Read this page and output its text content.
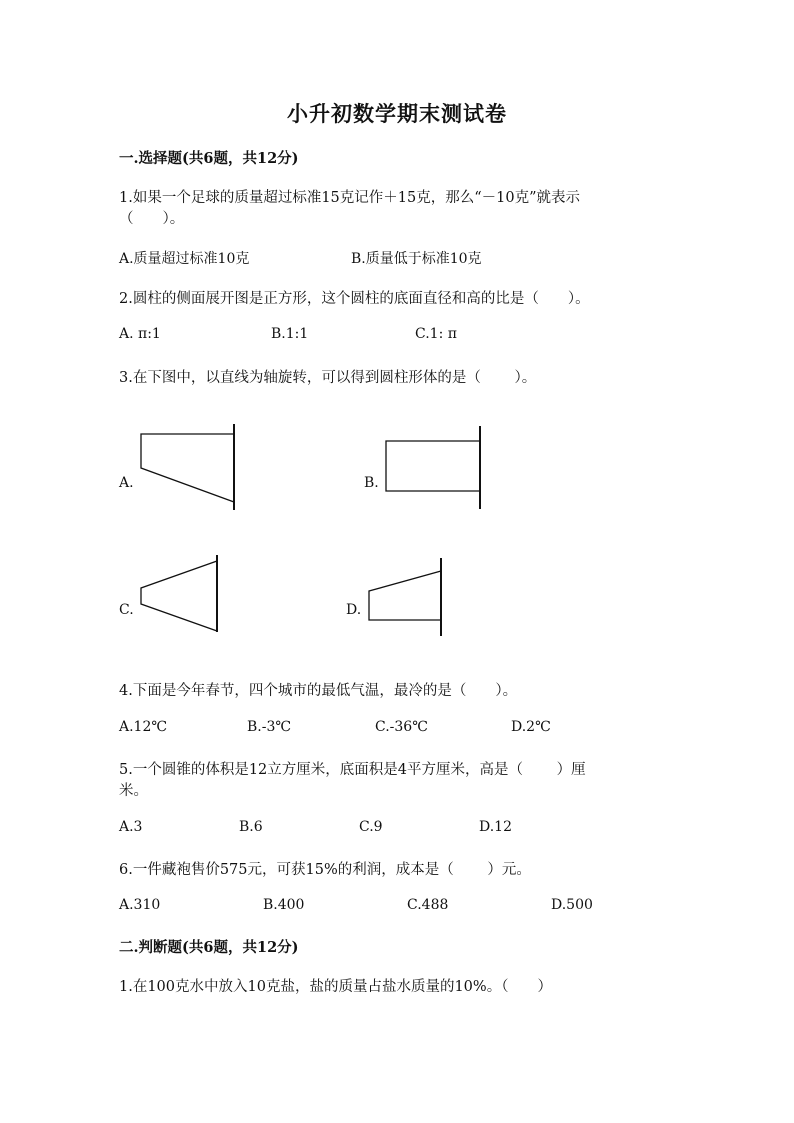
小升初数学期末测试卷
一.选择题(共6题，共12分)
1.如果一个足球的质量超过标准15克记作＋15克，那么“－10克”就表示
（　　）。
A.质量超过标准10克	B.质量低于标准10克
2.圆柱的侧面展开图是正方形，这个圆柱的底面直径和高的比是（　　）。
A. π:1	B.1:1	C.1: π
3.在下图中，以直线为轴旋转，可以得到圆柱形体的是（　　 ）。
A.	B.
C.	D.
4.下面是今年春节，四个城市的最低气温，最冷的是（　　）。
A.12℃	B.-3℃	C.-36℃	D.2℃
5.一个圆锥的体积是12立方厘米，底面积是4平方厘米，高是（　　 ）厘
米。
A.3	B.6	C.9	D.12
6.一件藏袍售价575元，可获15%的利润，成本是（　　 ）元。
A.310	B.400	C.488	D.500
二.判断题(共6题，共12分)
1.在100克水中放入10克盐，盐的质量占盐水质量的10%。（　　）
